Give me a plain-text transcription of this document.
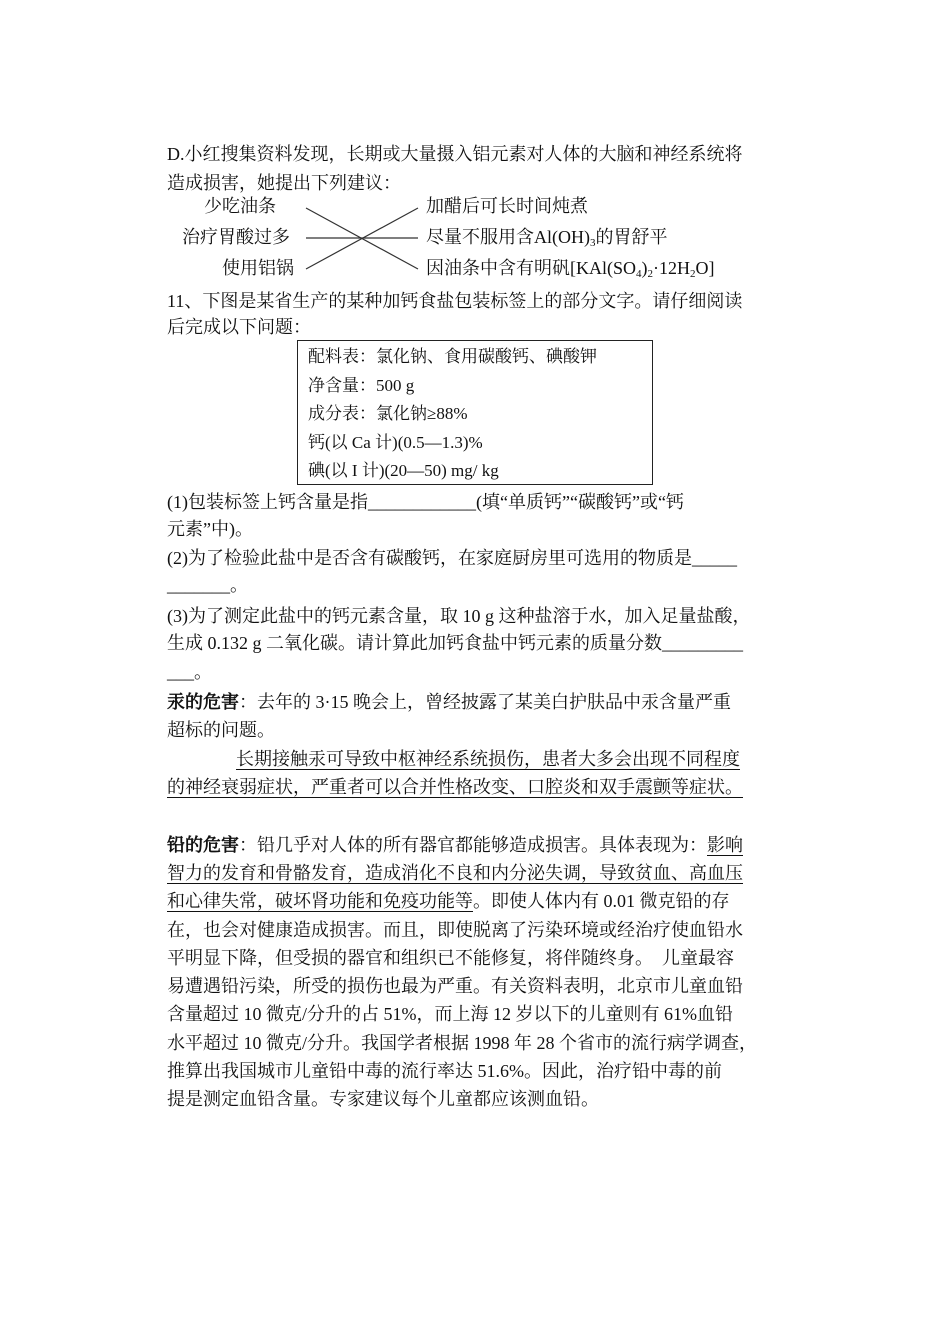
D.小红搜集资料发现，长期或大量摄入铝元素对人体的大脑和神经系统将
造成损害，她提出下列建议：
少吃油条
治疗胃酸过多
使用铝锅
加醋后可长时间炖煮
尽量不服用含$Al(OH)_3$的胃舒平
因油条中含有明矾$[KAl(SO_4)_2\cdot 12H_2O]$
11、下图是某省生产的某种加钙食盐包装标签上的部分文字。请仔细阅读
后完成以下问题：
配料表：氯化钠、食用碳酸钙、碘酸钾
净含量：500 g
成分表：氯化钠≥88%
钙(以 Ca 计)(0.5—1.3)%
碘(以 I 计)(20—50) mg/ kg
(1)包装标签上钙含量是指____________(填“单质钙”“碳酸钙”或“钙
元素”中)。
(2)为了检验此盐中是否含有碳酸钙，在家庭厨房里可选用的物质是_____
_______。
(3)为了测定此盐中的钙元素含量，取 10 g 这种盐溶于水，加入足量盐酸，
生成 0.132 g 二氧化碳。请计算此加钙食盐中钙元素的质量分数_________
___。
汞的危害：去年的 3·15 晚会上，曾经披露了某美白护肤品中汞含量严重
超标的问题。
长期接触汞可导致中枢神经系统损伤，患者大多会出现不同程度
的神经衰弱症状，严重者可以合并性格改变、口腔炎和双手震颤等症状。
铅的危害：铅几乎对人体的所有器官都能够造成损害。具体表现为：影响
智力的发育和骨骼发育，造成消化不良和内分泌失调，导致贫血、高血压
和心律失常，破坏肾功能和免疫功能等。即使人体内有 0.01 微克铅的存
在，也会对健康造成损害。而且，即使脱离了污染环境或经治疗使血铅水
平明显下降，但受损的器官和组织已不能修复，将伴随终身。　儿童最容
易遭遇铅污染，所受的损伤也最为严重。有关资料表明，北京市儿童血铅
含量超过 10 微克/分升的占 51%，而上海 12 岁以下的儿童则有 61%血铅
水平超过 10 微克/分升。我国学者根据 1998 年 28 个省市的流行病学调查，
推算出我国城市儿童铅中毒的流行率达 51.6%。因此，治疗铅中毒的前
提是测定血铅含量。专家建议每个儿童都应该测血铅。
